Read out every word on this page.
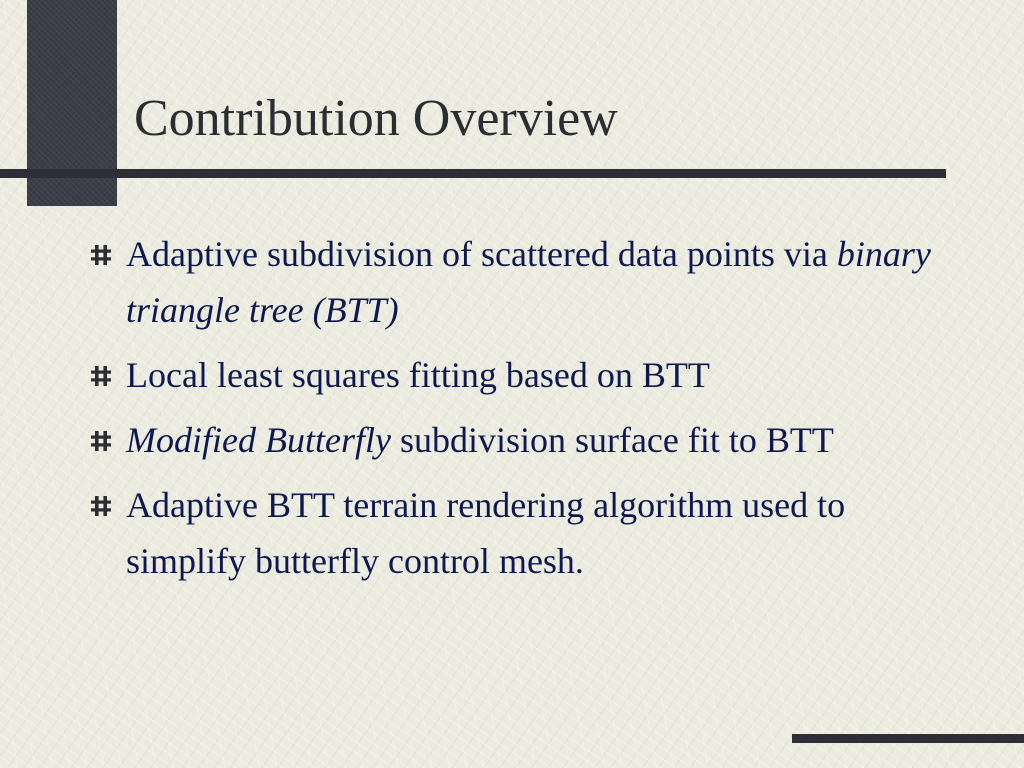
Contribution Overview
Adaptive subdivision of scattered data points via binary triangle tree (BTT)
Local least squares fitting based on BTT
Modified Butterfly subdivision surface fit to BTT
Adaptive BTT terrain rendering algorithm used to simplify butterfly control mesh.
